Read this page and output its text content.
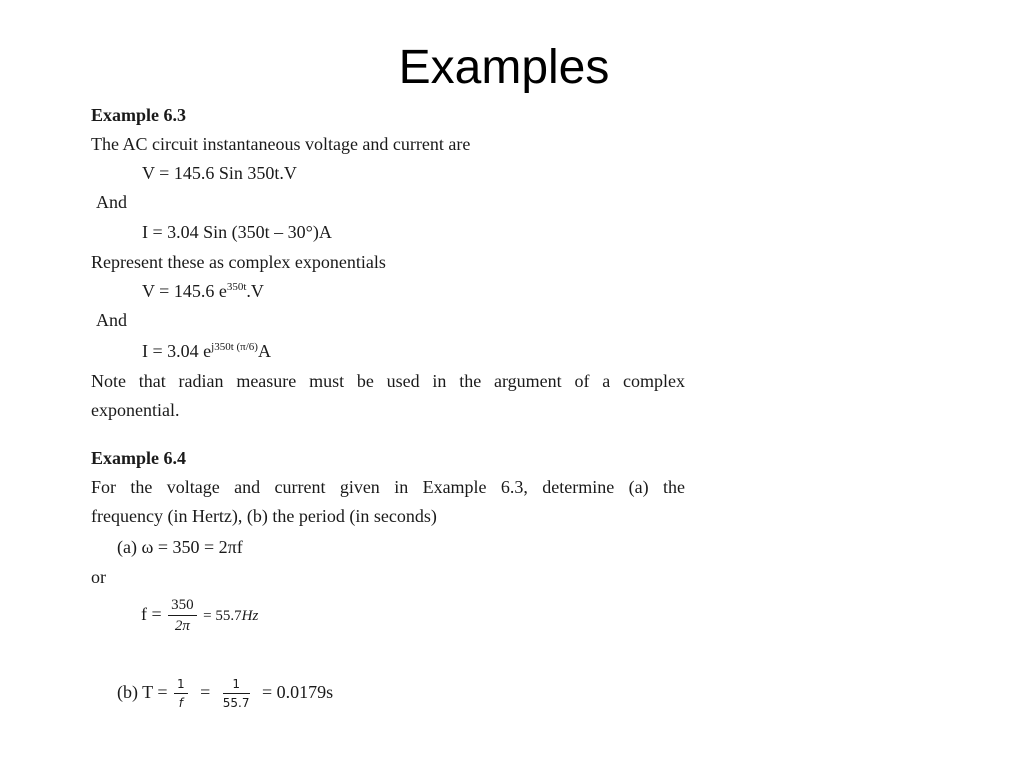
Examples
Example 6.3
The AC circuit instantaneous voltage and current are
V = 145.6 Sin 350t.V
And
I = 3.04 Sin (350t – 30°)A
Represent these as complex exponentials
V = 145.6 $e^{350t}.V$
And
I = 3.04 $e^{j350t (\pi/6)}A$
Note that radian measure must be used in the argument of a complex
exponential.
Example 6.4
For the voltage and current given in Example 6.3, determine (a) the
frequency (in Hertz), (b) the period (in seconds)
(a) ω = 350 = 2πf
or
$f = \frac{350}{2\pi} = 55.7Hz$
(b) $T = \frac{1}{f} = \frac{1}{55.7} = 0.0179s$
